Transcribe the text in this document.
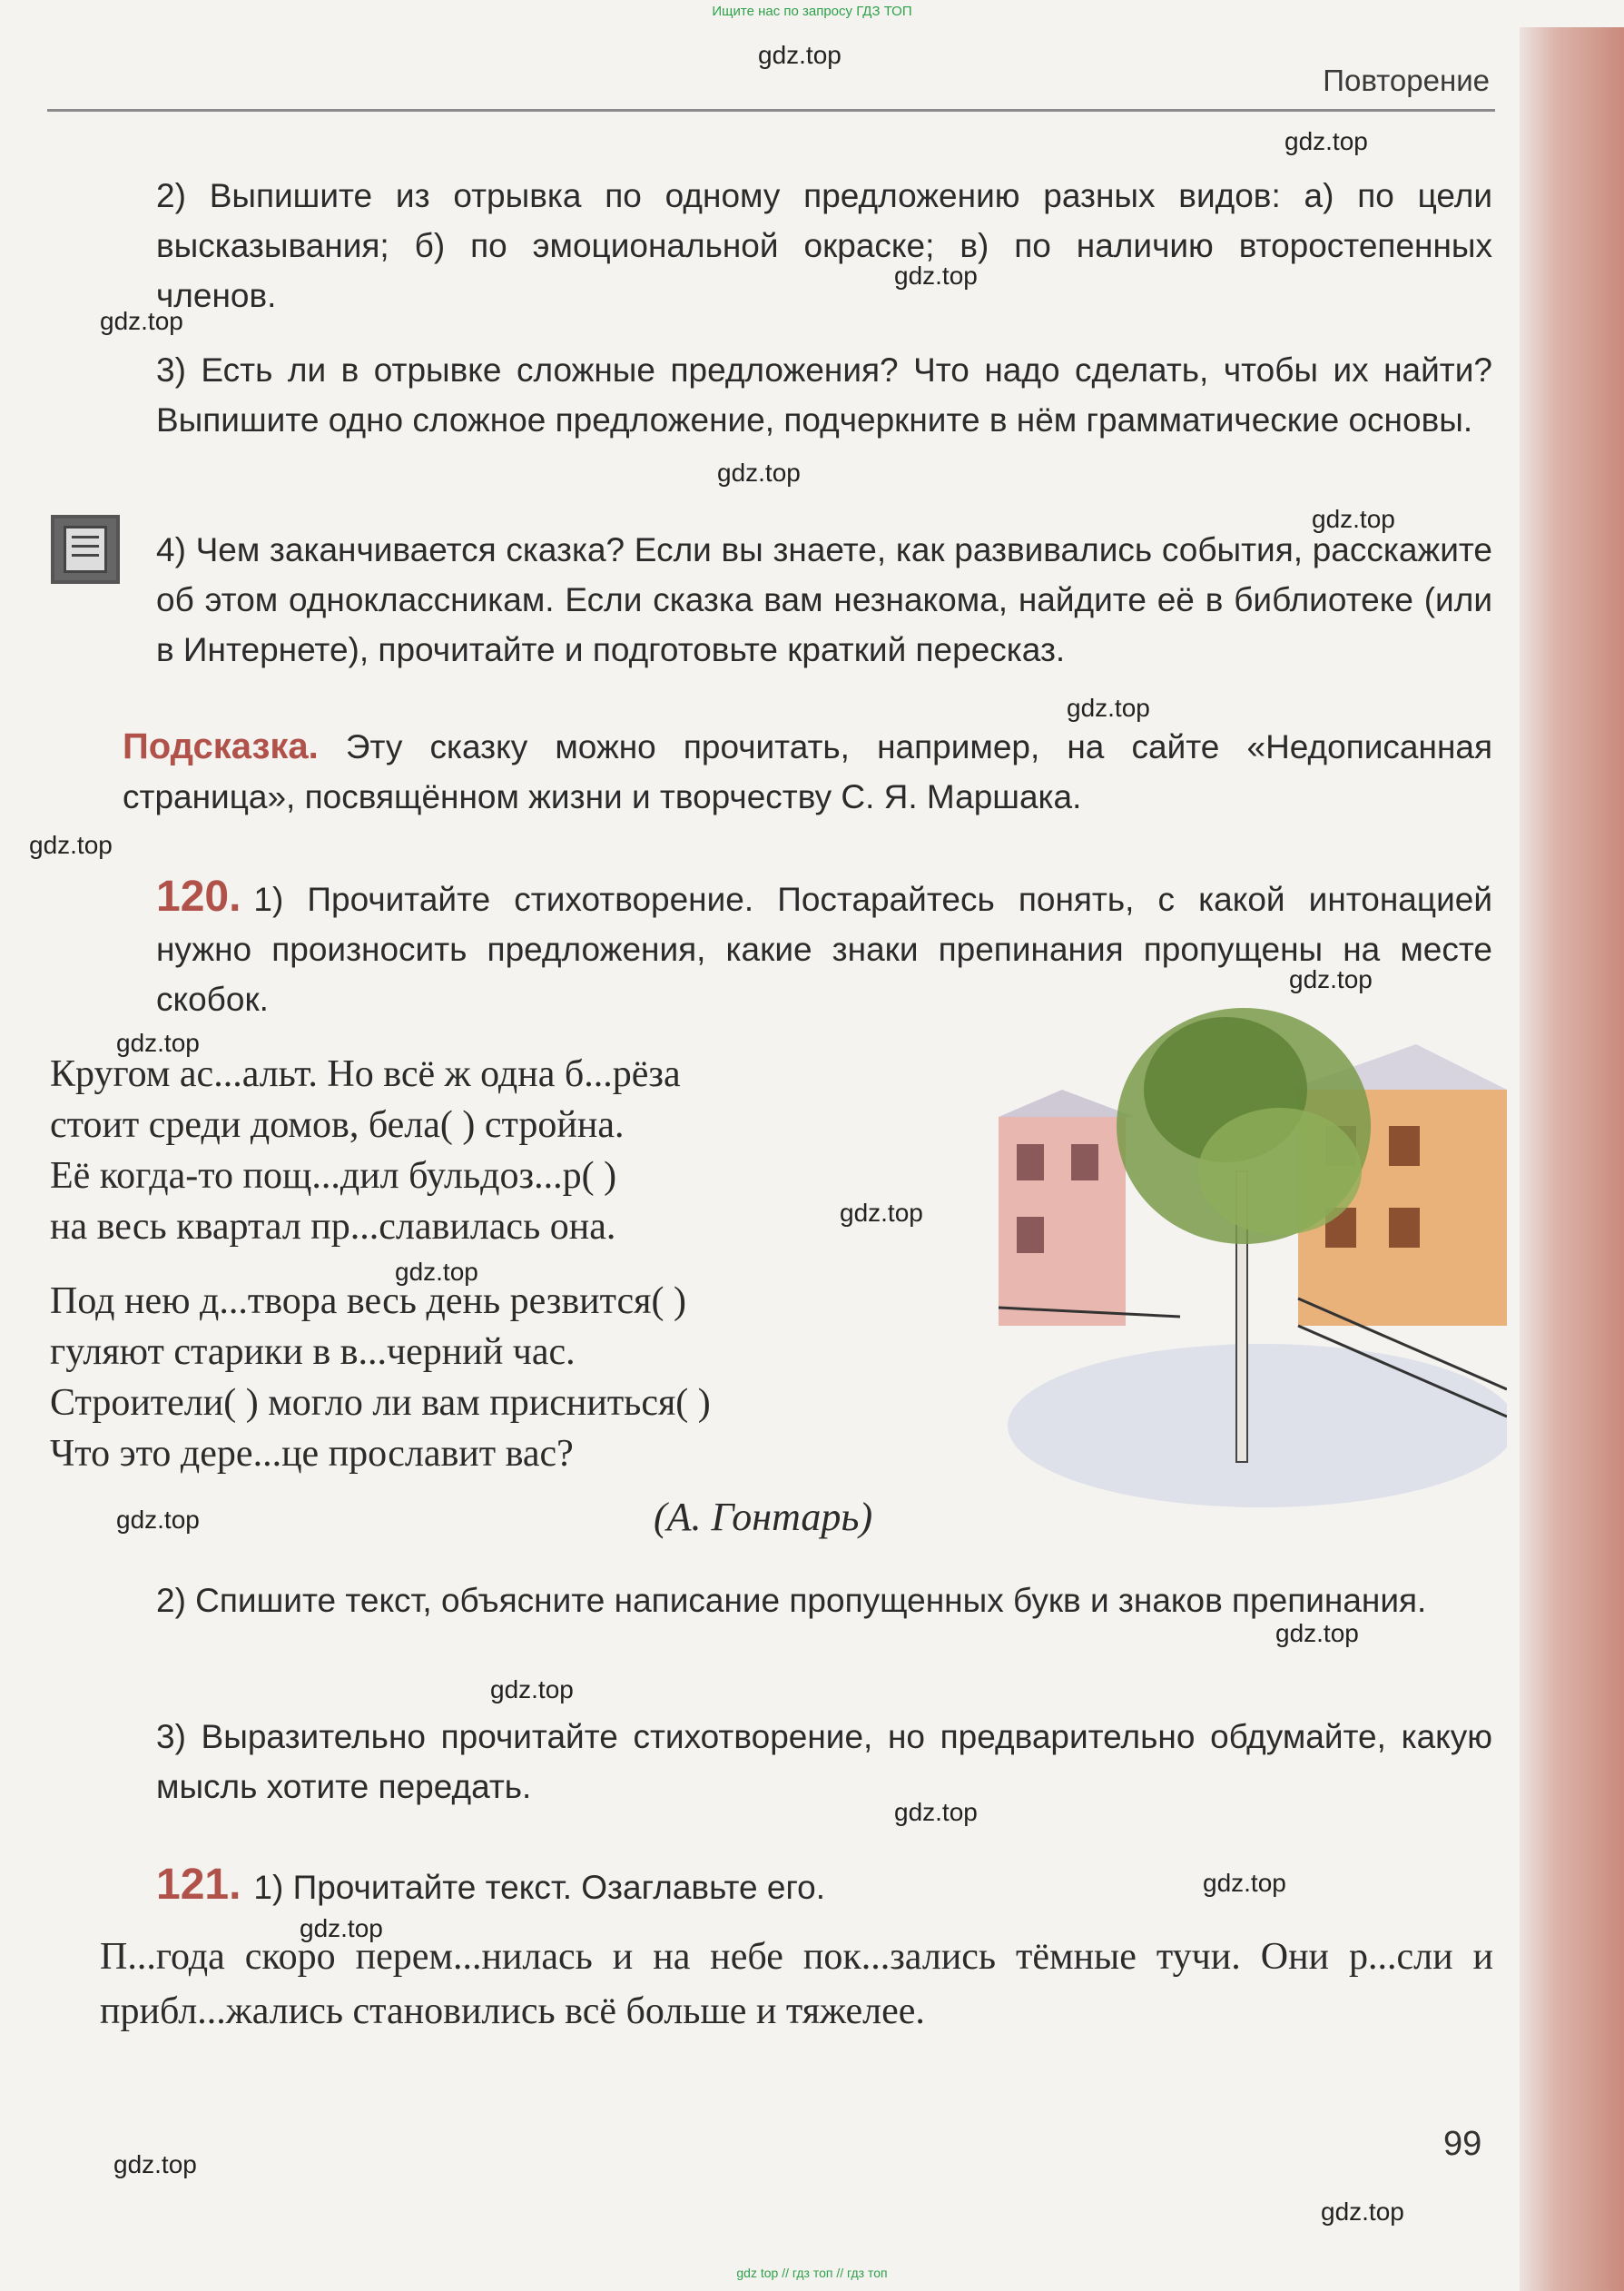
Ищите нас по запросу ГДЗ ТОП
Повторение

2) Выпишите из отрывка по одному предложению разных видов: а) по цели высказывания; б) по эмоциональной окраске; в) по наличию второстепенных членов.

3) Есть ли в отрывке сложные предложения? Что надо сделать, чтобы их найти? Выпишите одно сложное предложение, подчеркните в нём грамматические основы.

4) Чем заканчивается сказка? Если вы знаете, как развивались события, расскажите об этом одноклассникам. Если сказка вам незнакома, найдите её в библиотеке (или в Интернете), прочитайте и подготовьте краткий пересказ.

Подсказка. Эту сказку можно прочитать, например, на сайте «Недописанная страница», посвящённом жизни и творчеству С. Я. Маршака.

120. 1) Прочитайте стихотворение. Постарайтесь понять, с какой интонацией нужно произносить предложения, какие знаки препинания пропущены на месте скобок.

Кругом ас...альт. Но всё ж одна б...рёза

стоит среди домов, бела( ) стройна.

Её когда-то пощ...дил бульдоз...р( )

на весь квартал пр...славилась она.

Под нею д...твора весь день резвится( )

гуляют старики в в...черний час.

Строители( ) могло ли вам присниться( )

Что это дере...це прославит вас?

(А. Гонтарь)

2) Спишите текст, объясните написание пропущенных букв и знаков препинания.

3) Выразительно прочитайте стихотворение, но предварительно обдумайте, какую мысль хотите передать.

121. 1) Прочитайте текст. Озаглавьте его.

П...года скоро перем...нилась и на небе пок...зались тёмные тучи. Они р...сли и прибл...жались становились всё больше и тяжелее.

99
gdz.top
gdz.top
gdz.top
gdz.top
gdz.top
gdz.top
gdz.top
gdz.top
gdz.top
gdz.top
gdz.top
gdz.top
gdz.top
gdz.top
gdz.top
gdz.top
gdz.top
gdz.top
gdz.top
gdz.top
gdz top // гдз топ // гдз топ
